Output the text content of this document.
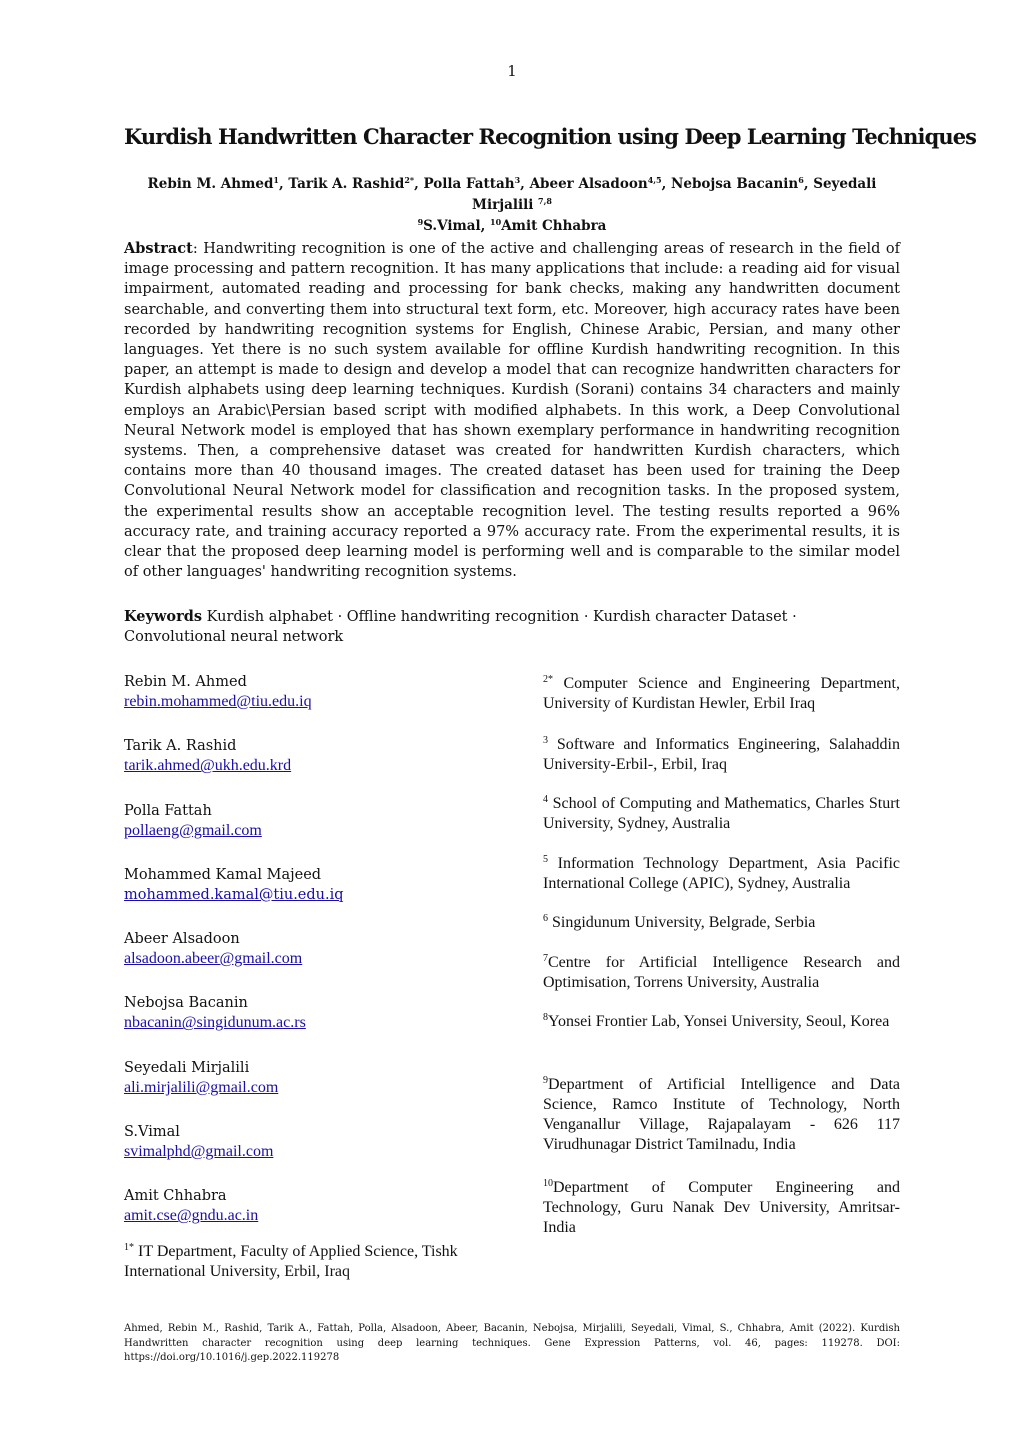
1
Kurdish Handwritten Character Recognition using Deep Learning Techniques
Rebin M. Ahmed$^1$, Tarik A. Rashid$^{2*}$, Polla Fattah$^3$, Abeer Alsadoon$^{4,5}$, Nebojsa Bacanin$^6$, Seyedali Mirjalili $^{7,8}$
$^9$S.Vimal, $^{10}$Amit Chhabra
Abstract: Handwriting recognition is one of the active and challenging areas of research in the field of image processing and pattern recognition. It has many applications that include: a reading aid for visual impairment, automated reading and processing for bank checks, making any handwritten document searchable, and converting them into structural text form, etc. Moreover, high accuracy rates have been recorded by handwriting recognition systems for English, Chinese Arabic, Persian, and many other languages. Yet there is no such system available for offline Kurdish handwriting recognition. In this paper, an attempt is made to design and develop a model that can recognize handwritten characters for Kurdish alphabets using deep learning techniques. Kurdish (Sorani) contains 34 characters and mainly employs an Arabic\Persian based script with modified alphabets. In this work, a Deep Convolutional Neural Network model is employed that has shown exemplary performance in handwriting recognition systems. Then, a comprehensive dataset was created for handwritten Kurdish characters, which contains more than 40 thousand images. The created dataset has been used for training the Deep Convolutional Neural Network model for classification and recognition tasks. In the proposed system, the experimental results show an acceptable recognition level. The testing results reported a 96% accuracy rate, and training accuracy reported a 97% accuracy rate. From the experimental results, it is clear that the proposed deep learning model is performing well and is comparable to the similar model of other languages' handwriting recognition systems.
Keywords Kurdish alphabet · Offline handwriting recognition · Kurdish character Dataset · Convolutional neural network
Rebin M. Ahmed
rebin.mohammed@tiu.edu.iq
Tarik A. Rashid
tarik.ahmed@ukh.edu.krd
Polla Fattah
pollaeng@gmail.com
Mohammed Kamal Majeed
mohammed.kamal@tiu.edu.iq
Abeer Alsadoon
alsadoon.abeer@gmail.com
Nebojsa Bacanin
nbacanin@singidunum.ac.rs
Seyedali Mirjalili
ali.mirjalili@gmail.com
S.Vimal
svimalphd@gmail.com
Amit Chhabra
amit.cse@gndu.ac.in
$^{1*}$ IT Department, Faculty of Applied Science, Tishk International University, Erbil, Iraq
$^{2*}$ Computer Science and Engineering Department, University of Kurdistan Hewler, Erbil Iraq
$^3$ Software and Informatics Engineering, Salahaddin University-Erbil-, Erbil, Iraq
$^4$ School of Computing and Mathematics, Charles Sturt University, Sydney, Australia
$^5$ Information Technology Department, Asia Pacific International College (APIC), Sydney, Australia
$^6$ Singidunum University, Belgrade, Serbia
$^7$Centre for Artificial Intelligence Research and Optimisation, Torrens University, Australia
$^8$Yonsei Frontier Lab, Yonsei University, Seoul, Korea
$^9$Department of Artificial Intelligence and Data Science, Ramco Institute of Technology, North Venganallur Village, Rajapalayam - 626 117 Virudhunagar District Tamilnadu, India
$^{10}$Department of Computer Engineering and Technology, Guru Nanak Dev University, Amritsar-India
Ahmed, Rebin M., Rashid, Tarik A., Fattah, Polla, Alsadoon, Abeer, Bacanin, Nebojsa, Mirjalili, Seyedali, Vimal, S., Chhabra, Amit (2022). Kurdish Handwritten character recognition using deep learning techniques. Gene Expression Patterns, vol. 46, pages: 119278. DOI: https://doi.org/10.1016/j.gep.2022.119278
